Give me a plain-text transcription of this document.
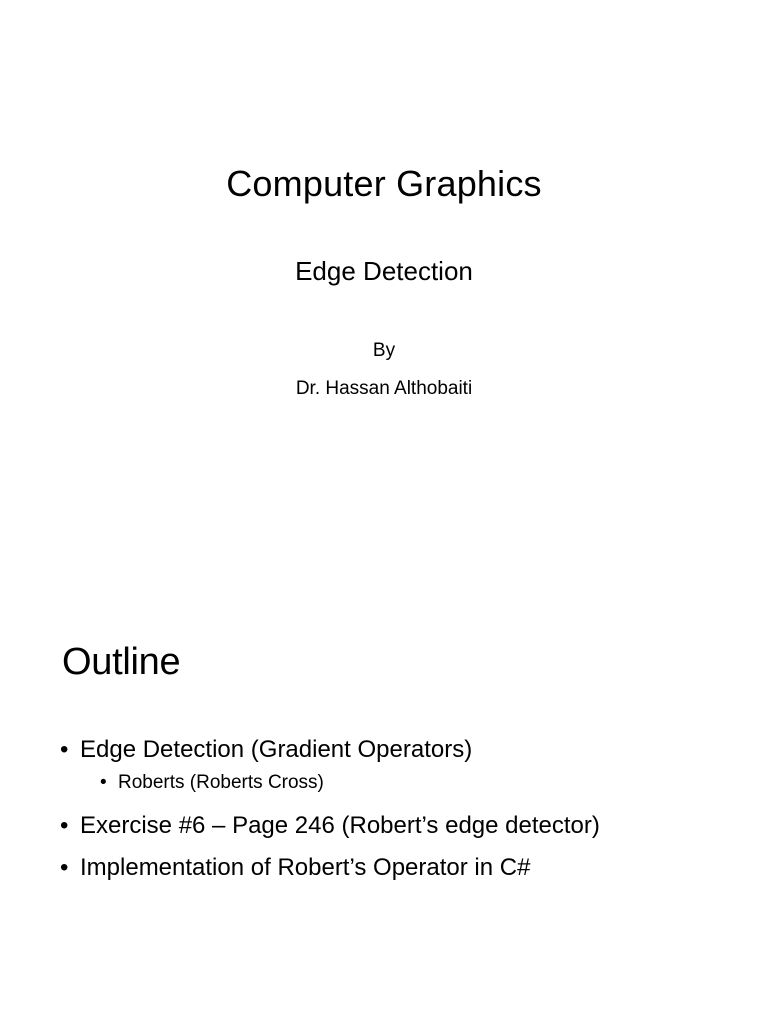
Computer Graphics
Edge Detection
By
Dr. Hassan Althobaiti
Outline
• Edge Detection (Gradient Operators)
• Roberts (Roberts Cross)
• Exercise #6 – Page 246 (Robert’s edge detector)
• Implementation of Robert’s Operator in C#
